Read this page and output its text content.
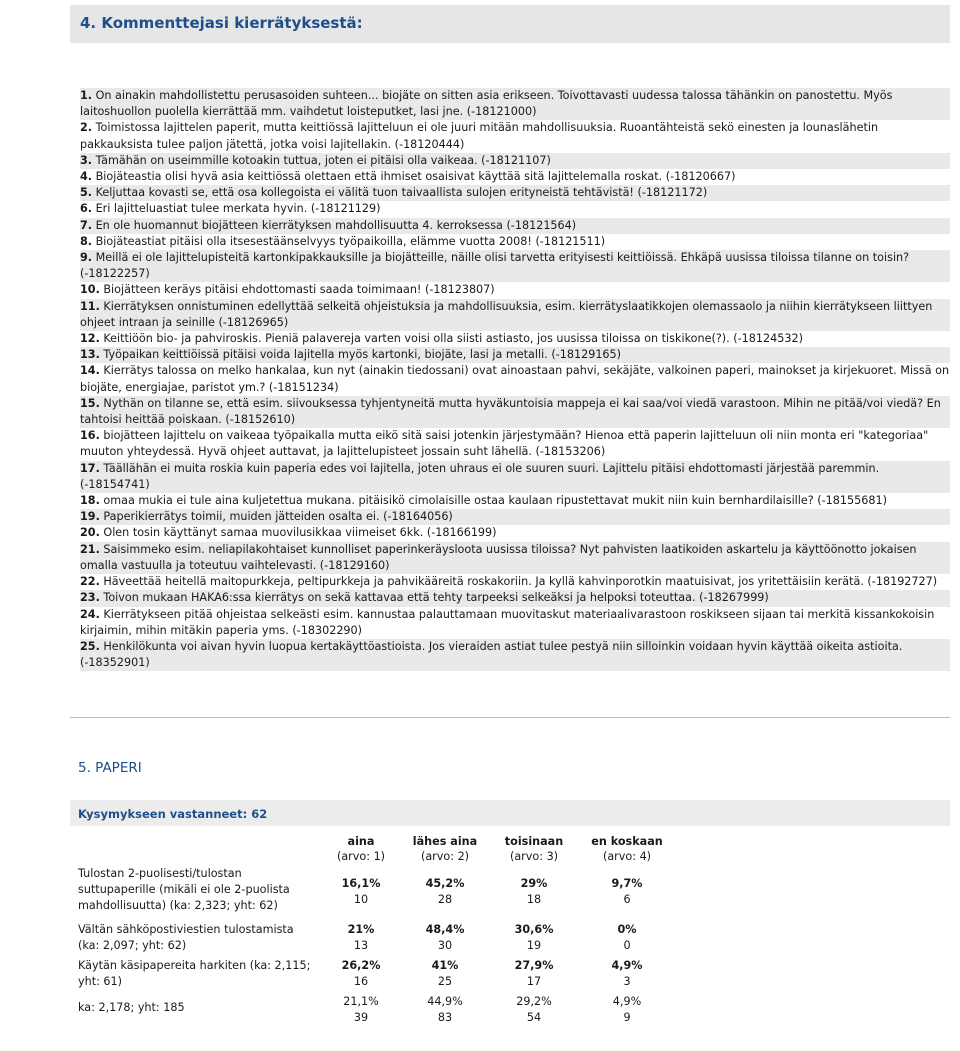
4. Kommenttejasi kierrätyksestä:
1. On ainakin mahdollistettu perusasoiden suhteen... biojäte on sitten asia erikseen. Toivottavasti uudessa talossa tähänkin on panostettu. Myös laitoshuollon puolella kierrättää mm. vaihdetut loisteputket, lasi jne. (-18121000)
2. Toimistossa lajittelen paperit, mutta keittiössä lajitteluun ei ole juuri mitään mahdollisuuksia. Ruoantähteistä sekö einesten ja lounaslähetin pakkauksista tulee paljon jätettä, jotka voisi lajitellakin. (-18120444)
3. Tämähän on useimmille kotoakin tuttua, joten ei pitäisi olla vaikeaa. (-18121107)
4. Biojäteastia olisi hyvä asia keittiössä olettaen että ihmiset osaisivat käyttää sitä lajittelemalla roskat. (-18120667)
5. Keljuttaa kovasti se, että osa kollegoista ei välitä tuon taivaallista sulojen erityneistä tehtävistä! (-18121172)
6. Eri lajitteluastiat tulee merkata hyvin. (-18121129)
7. En ole huomannut biojätteen kierrätyksen mahdollisuutta 4. kerroksessa (-18121564)
8. Biojäteastiat pitäisi olla itsesestäänselvyys työpaikoilla, elämme vuotta 2008! (-18121511)
9. Meillä ei ole lajittelupisteitä kartonkipakkauksille ja biojätteille, näille olisi tarvetta erityisesti keittiöissä. Ehkäpä uusissa tiloissa tilanne on toisin? (-18122257)
10. Biojätteen keräys pitäisi ehdottomasti saada toimimaan! (-18123807)
11. Kierrätyksen onnistuminen edellyttää selkeitä ohjeistuksia ja mahdollisuuksia, esim. kierrätyslaatikkojen olemassaolo ja niihin kierrätykseen liittyen ohjeet intraan ja seinille (-18126965)
12. Keittiöön bio- ja pahviroskis. Pieniä palavereja varten voisi olla siisti astiasto, jos uusissa tiloissa on tiskikone(?). (-18124532)
13. Työpaikan keittiöissä pitäisi voida lajitella myös kartonki, biojäte, lasi ja metalli. (-18129165)
14. Kierrätys talossa on melko hankalaa, kun nyt (ainakin tiedossani) ovat ainoastaan pahvi, sekäjäte, valkoinen paperi, mainokset ja kirjekuoret. Missä on biojäte, energiajae, paristot ym.? (-18151234)
15. Nythän on tilanne se, että esim. siivouksessa tyhjentyneitä mutta hyväkuntoisia mappeja ei kai saa/voi viedä varastoon. Mihin ne pitää/voi viedä? En tahtoisi heittää poiskaan. (-18152610)
16. biojätteen lajittelu on vaikeaa työpaikalla mutta eikö sitä saisi jotenkin järjestymään? Hienoa että paperin lajitteluun oli niin monta eri "kategoriaa" muuton yhteydessä. Hyvä ohjeet auttavat, ja lajittelupisteet jossain suht lähellä. (-18153206)
17. Täällähän ei muita roskia kuin paperia edes voi lajitella, joten uhraus ei ole suuren suuri. Lajittelu pitäisi ehdottomasti järjestää paremmin. (-18154741)
18. omaa mukia ei tule aina kuljetettua mukana. pitäisikö cimolaisille ostaa kaulaan ripustettavat mukit niin kuin bernhardilaisille? (-18155681)
19. Paperikierrätys toimii, muiden jätteiden osalta ei. (-18164056)
20. Olen tosin käyttänyt samaa muovilusikkaa viimeiset 6kk. (-18166199)
21. Saisimmeko esim. neliapilakohtaiset kunnolliset paperinkeräysloota uusissa tiloissa? Nyt pahvisten laatikoiden askartelu ja käyttöönotto jokaisen omalla vastuulla ja toteutuu vaihtelevasti. (-18129160)
22. Häveettää heitellä maitopurkkeja, peltipurkkeja ja pahvikääreitä roskakoriin. Ja kyllä kahvinporotkin maatuisivat, jos yritettäisiin kerätä. (-18192727)
23. Toivon mukaan HAKA6:ssa kierrätys on sekä kattavaa että tehty tarpeeksi selkeäksi ja helpoksi toteuttaa. (-18267999)
24. Kierrätykseen pitää ohjeistaa selkeästi esim. kannustaa palauttamaan muovitaskut materiaalivarastoon roskikseen sijaan tai merkitä kissankokoisin kirjaimin, mihin mitäkin paperia yms. (-18302290)
25. Henkilökunta voi aivan hyvin luopua kertakäyttöastioista. Jos vieraiden astiat tulee pestyä niin silloinkin voidaan hyvin käyttää oikeita astioita. (-18352901)
5. PAPERI
Kysymykseen vastanneet: 62
aina
(arvo: 1)
lähes aina
(arvo: 2)
toisinaan
(arvo: 3)
en koskaan
(arvo: 4)
Tulostan 2-puolisesti/tulostan suttupaperille (mikäli ei ole 2-puolista mahdollisuutta) (ka: 2,323; yht: 62)
16,1%
10
45,2%
28
29%
18
9,7%
6
Vältän sähköpostiviestien tulostamista (ka: 2,097; yht: 62)
21%
13
48,4%
30
30,6%
19
0%
0
Käytän käsipapereita harkiten (ka: 2,115; yht: 61)
26,2%
16
41%
25
27,9%
17
4,9%
3
ka: 2,178; yht: 185	21,1%
39
44,9%
83
29,2%
54
4,9%
9
